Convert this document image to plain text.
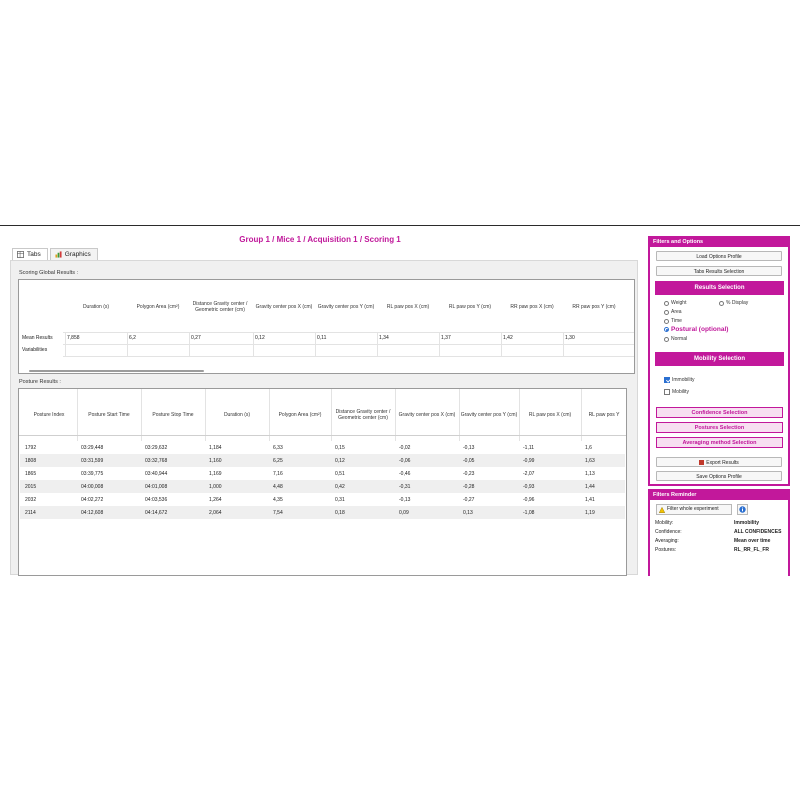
Group 1 / Mice 1 / Acquisition 1 / Scoring 1
Tabs	Graphics
Scoring Global Results :
Duration (s)	Polygon Area (cm²)	Distance Gravity center / Geometric center (cm)	Gravity center pos X (cm)	Gravity center pos Y (cm)	RL paw pos X (cm)	RL paw pos Y (cm)	RR paw pos X (cm)	RR paw pos Y (cm)
Mean Results	7,858	6,2	0,27	0,12	0,11	1,34	1,37	1,42	1,30
Variabilities
Posture Results :
Posture Index	Posture Start Time	Posture Stop Time	Duration (s)	Polygon Area (cm²)	Distance Gravity center / Geometric center (cm)	Gravity center pos X (cm)	Gravity center pos Y (cm)	RL paw pos X (cm)	RL paw pos Y
1792	03:29,448	03:29,632	1,184	6,33	0,15	-0,02	-0,13	-1,11	1,6
1808	03:31,599	03:32,768	1,160	6,25	0,12	-0,06	-0,05	-0,99	1,63
1865	03:39,775	03:40,944	1,169	7,16	0,51	-0,46	-0,23	-2,07	1,13
2015	04:00,008	04:01,008	1,000	4,48	0,42	-0,31	-0,28	-0,93	1,44
2032	04:02,272	04:03,536	1,264	4,35	0,31	-0,13	-0,27	-0,96	1,41
2114	04:12,608	04:14,672	2,064	7,54	0,18	0,09	0,13	-1,08	1,19
Filters and Options
Load Options Profile
Tabs Results Selection
Results Selection
Weight	% Display
Area
Time
Postural (optional)
Normal
Mobility Selection
Immobility
Mobility
Confidence Selection
Postures Selection
Averaging method Selection
Export Results
Save Options Profile
Filters Reminder
Filter whole experiment
Mobility:	Immobility
Confidence:	ALL CONFIDENCES
Averaging:	Mean over time
Postures:	RL_RR_FL_FR
